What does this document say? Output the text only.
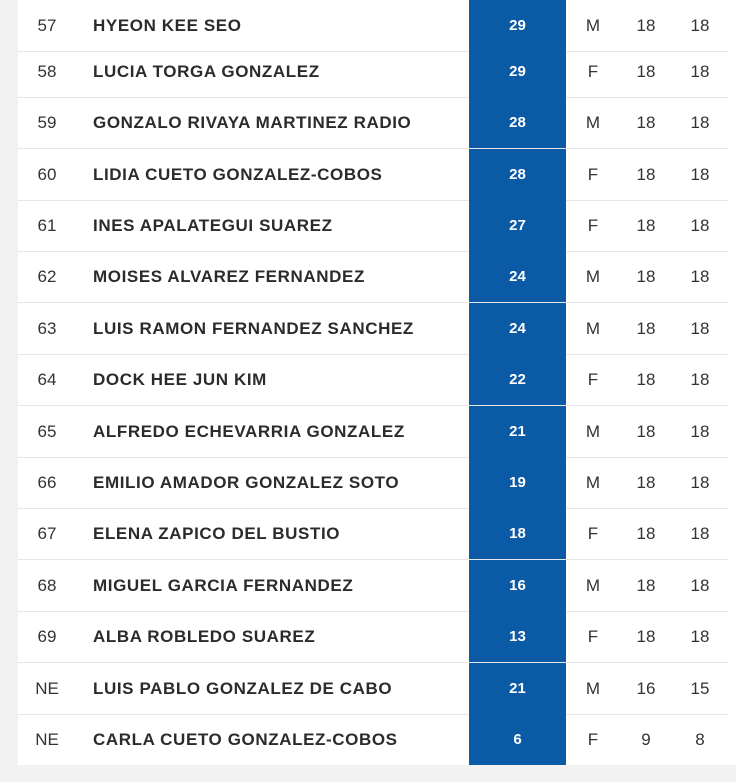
57	HYEON KEE SEO	29	M	18	18
58	LUCIA TORGA GONZALEZ	29	F	18	18
59	GONZALO RIVAYA MARTINEZ RADIO	28	M	18	18
60	LIDIA CUETO GONZALEZ-COBOS	28	F	18	18
61	INES APALATEGUI SUAREZ	27	F	18	18
62	MOISES ALVAREZ FERNANDEZ	24	M	18	18
63	LUIS RAMON FERNANDEZ SANCHEZ	24	M	18	18
64	DOCK HEE JUN KIM	22	F	18	18
65	ALFREDO ECHEVARRIA GONZALEZ	21	M	18	18
66	EMILIO AMADOR GONZALEZ SOTO	19	M	18	18
67	ELENA ZAPICO DEL BUSTIO	18	F	18	18
68	MIGUEL GARCIA FERNANDEZ	16	M	18	18
69	ALBA ROBLEDO SUAREZ	13	F	18	18
NE	LUIS PABLO GONZALEZ DE CABO	21	M	16	15
NE	CARLA CUETO GONZALEZ-COBOS	6	F	9	8
